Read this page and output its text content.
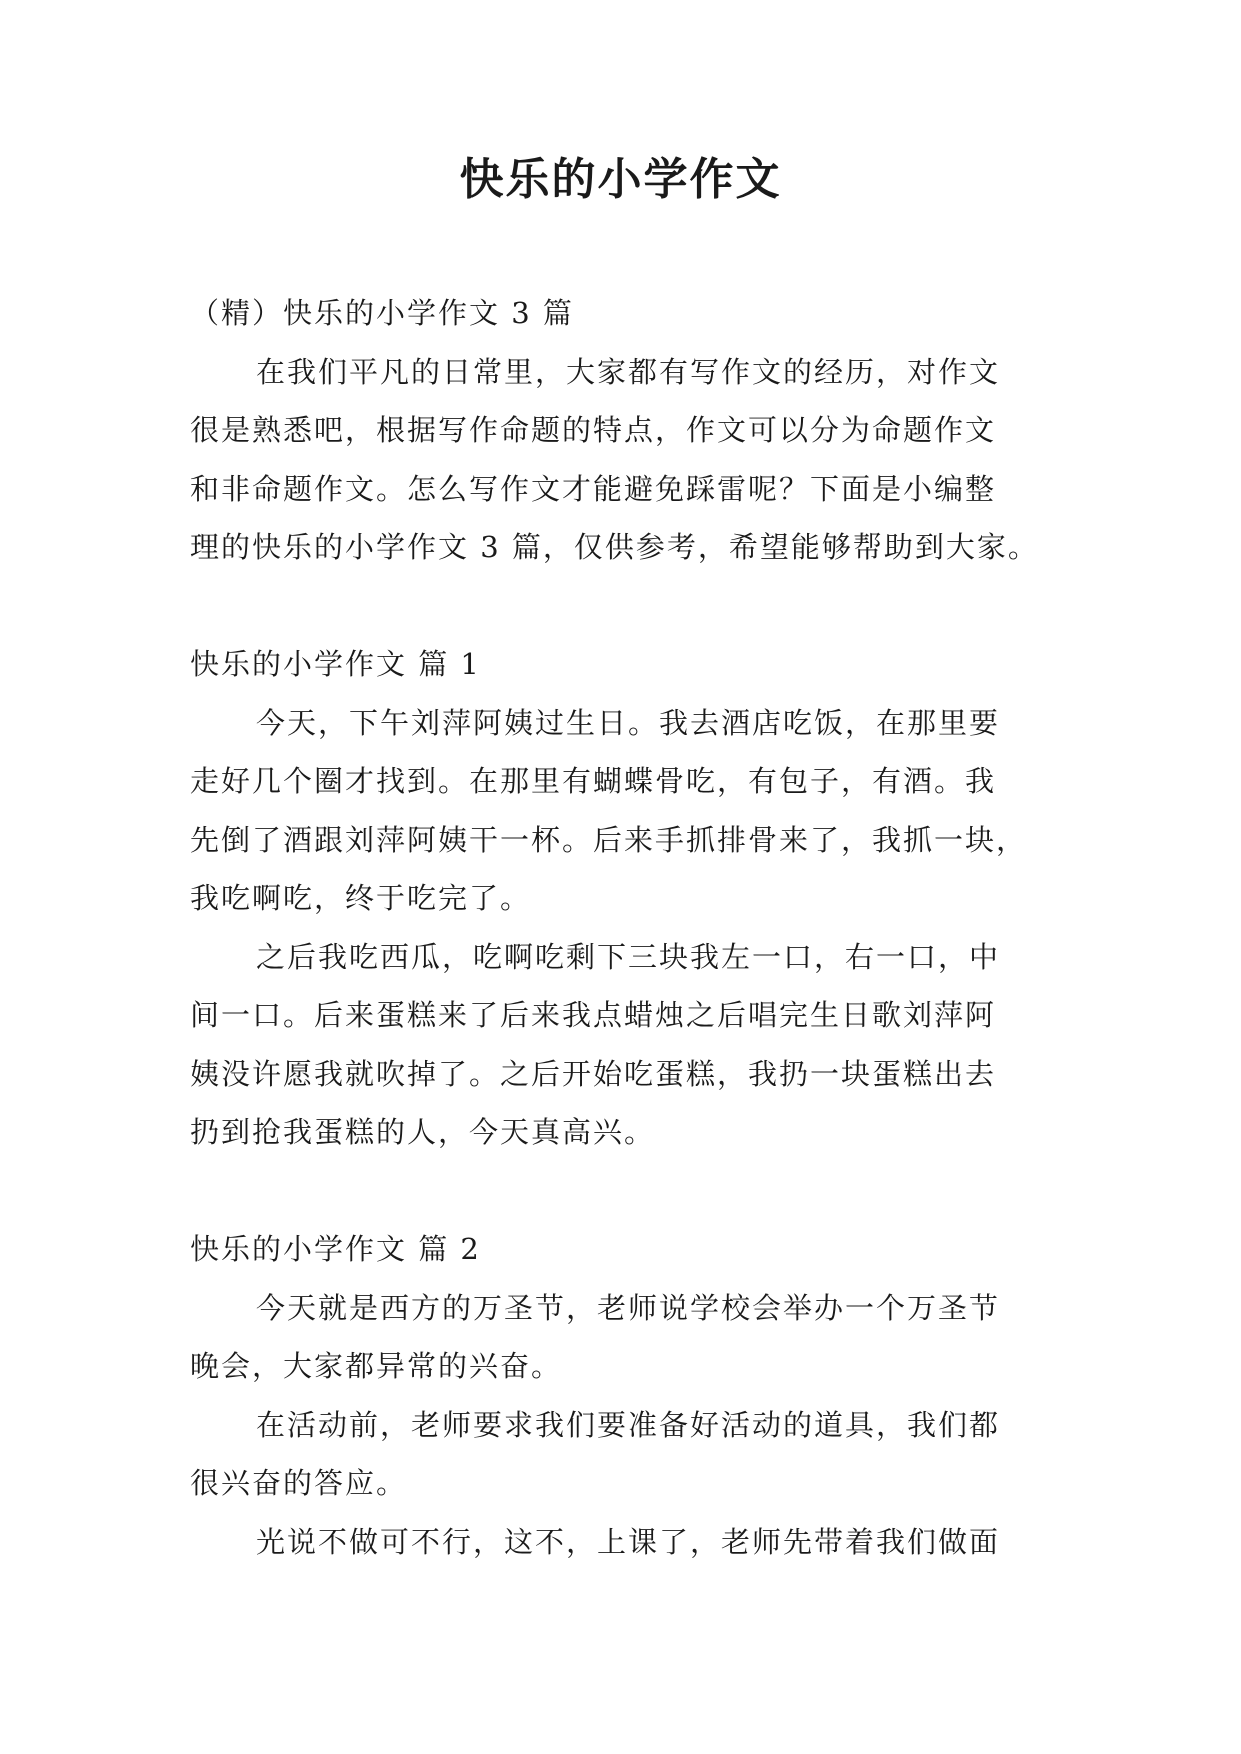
快乐的小学作文
（精）快乐的小学作文 3 篇
在我们平凡的日常里，大家都有写作文的经历，对作文
很是熟悉吧，根据写作命题的特点，作文可以分为命题作文
和非命题作文。怎么写作文才能避免踩雷呢？下面是小编整
理的快乐的小学作文 3 篇，仅供参考，希望能够帮助到大家。
快乐的小学作文 篇 1
今天，下午刘萍阿姨过生日。我去酒店吃饭，在那里要
走好几个圈才找到。在那里有蝴蝶骨吃，有包子，有酒。我
先倒了酒跟刘萍阿姨干一杯。后来手抓排骨来了，我抓一块，
我吃啊吃，终于吃完了。
之后我吃西瓜，吃啊吃剩下三块我左一口，右一口，中
间一口。后来蛋糕来了后来我点蜡烛之后唱完生日歌刘萍阿
姨没许愿我就吹掉了。之后开始吃蛋糕，我扔一块蛋糕出去
扔到抢我蛋糕的人，今天真高兴。
快乐的小学作文 篇 2
今天就是西方的万圣节，老师说学校会举办一个万圣节
晚会，大家都异常的兴奋。
在活动前，老师要求我们要准备好活动的道具，我们都
很兴奋的答应。
光说不做可不行，这不，上课了，老师先带着我们做面
